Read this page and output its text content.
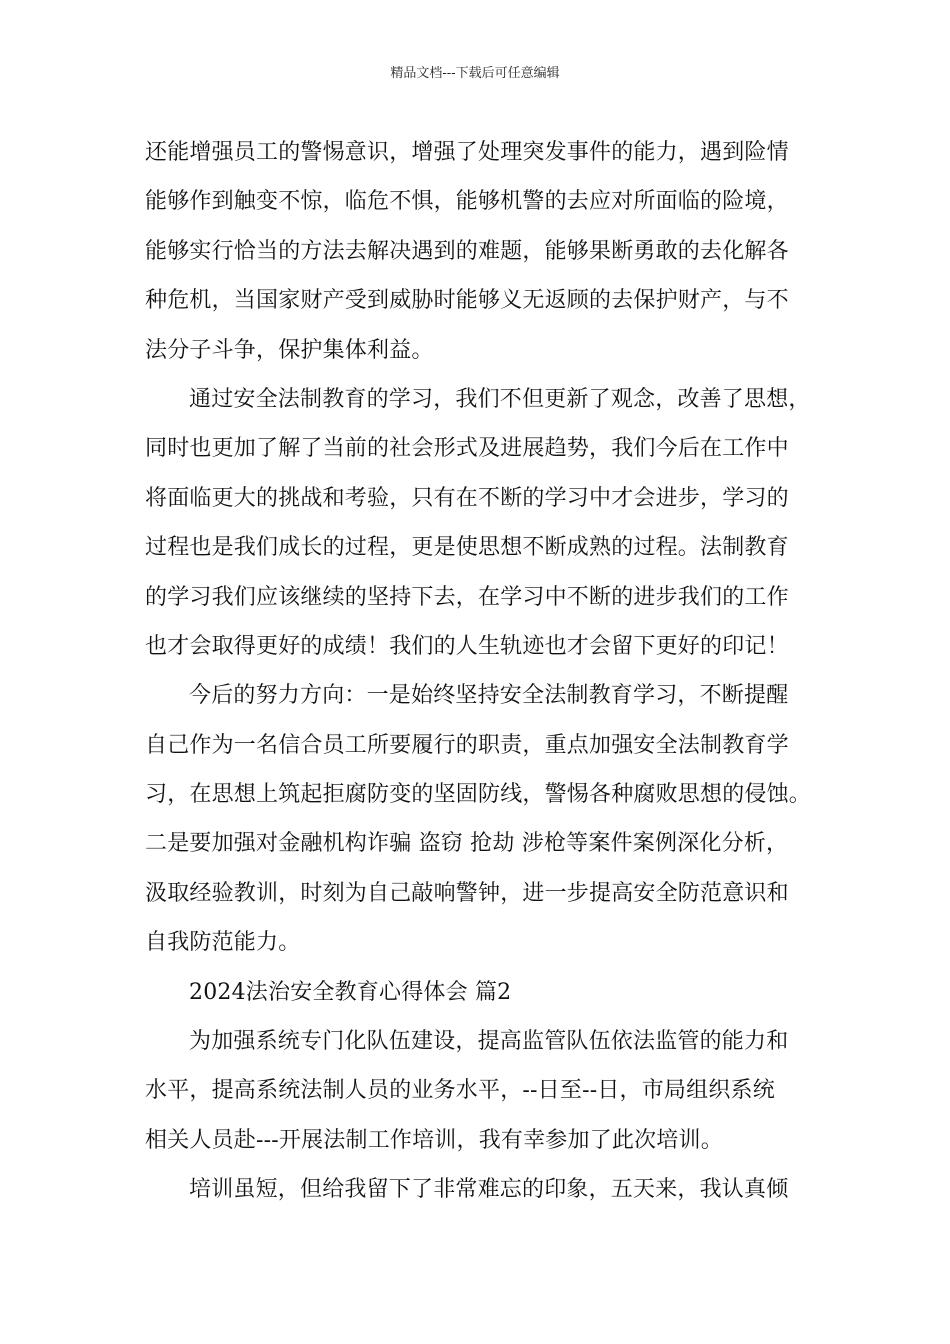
精品文档---下载后可任意编辑
还能增强员工的警惕意识，增强了处理突发事件的能力，遇到险情
能够作到触变不惊，临危不惧，能够机警的去应对所面临的险境，
能够实行恰当的方法去解决遇到的难题，能够果断勇敢的去化解各
种危机，当国家财产受到威胁时能够义无返顾的去保护财产，与不
法分子斗争，保护集体利益。
通过安全法制教育的学习，我们不但更新了观念，改善了思想，
同时也更加了解了当前的社会形式及进展趋势，我们今后在工作中
将面临更大的挑战和考验，只有在不断的学习中才会进步，学习的
过程也是我们成长的过程，更是使思想不断成熟的过程。法制教育
的学习我们应该继续的坚持下去，在学习中不断的进步我们的工作
也才会取得更好的成绩！我们的人生轨迹也才会留下更好的印记！
今后的努力方向：一是始终坚持安全法制教育学习，不断提醒
自己作为一名信合员工所要履行的职责，重点加强安全法制教育学
习，在思想上筑起拒腐防变的坚固防线，警惕各种腐败思想的侵蚀。
二是要加强对金融机构诈骗 盗窃 抢劫 涉枪等案件案例深化分析，
汲取经验教训，时刻为自己敲响警钟，进一步提高安全防范意识和
自我防范能力。
2024法治安全教育心得体会 篇2
为加强系统专门化队伍建设，提高监管队伍依法监管的能力和
水平，提高系统法制人员的业务水平，--日至--日，市局组织系统
相关人员赴---开展法制工作培训，我有幸参加了此次培训。
培训虽短，但给我留下了非常难忘的印象，五天来，我认真倾
